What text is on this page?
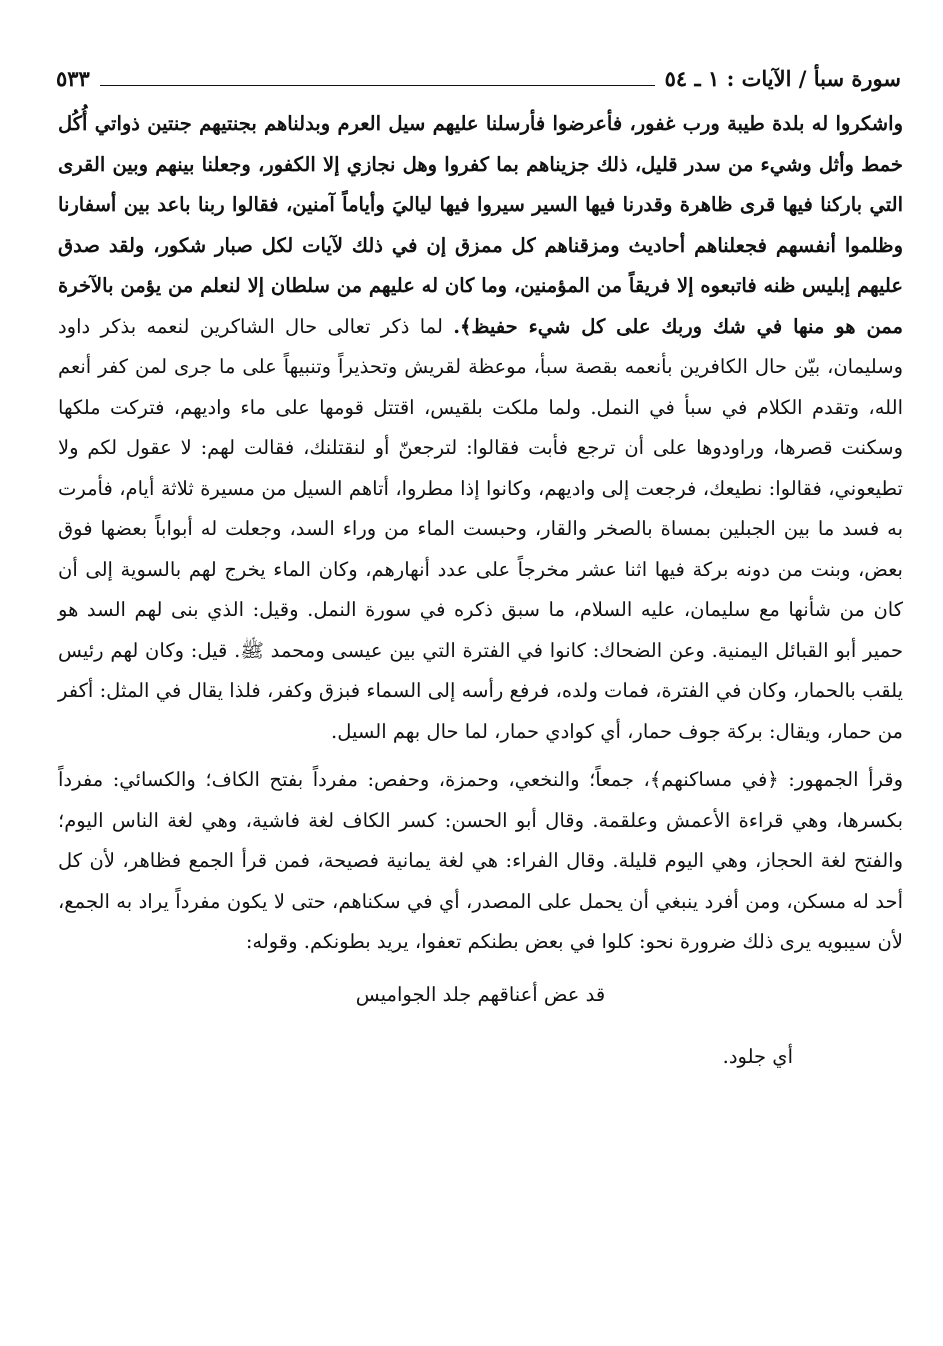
سورة سبأ / الآيات : ١ ـ ٥٤
٥٣٣

واشكروا له بلدة طيبة ورب غفور، فأعرضوا فأرسلنا عليهم سيل العرم وبدلناهم بجنتيهم جنتين ذواتي أُكُل خمط وأثل وشيء من سدر قليل، ذلك جزيناهم بما كفروا وهل نجازي إلا الكفور، وجعلنا بينهم وبين القرى التي باركنا فيها قرى ظاهرة وقدرنا فيها السير سيروا فيها لياليَ وأياماً آمنين، فقالوا ربنا باعد بين أسفارنا وظلموا أنفسهم فجعلناهم أحاديث ومزقناهم كل ممزق إن في ذلك لآيات لكل صبار شكور، ولقد صدق عليهم إبليس ظنه فاتبعوه إلا فريقاً من المؤمنين، وما كان له عليهم من سلطان إلا لنعلم من يؤمن بالآخرة ممن هو منها في شك وربك على كل شيء حفيظ﴾. لما ذكر تعالى حال الشاكرين لنعمه بذكر داود وسليمان، بيّن حال الكافرين بأنعمه بقصة سبأ، موعظة لقريش وتحذيراً وتنبيهاً على ما جرى لمن كفر أنعم الله، وتقدم الكلام في سبأ في النمل. ولما ملكت بلقيس، اقتتل قومها على ماء واديهم، فتركت ملكها وسكنت قصرها، وراودوها على أن ترجع فأبت فقالوا: لترجعنّ أو لنقتلنك، فقالت لهم: لا عقول لكم ولا تطيعوني، فقالوا: نطيعك، فرجعت إلى واديهم، وكانوا إذا مطروا، أتاهم السيل من مسيرة ثلاثة أيام، فأمرت به فسد ما بين الجبلين بمساة بالصخر والقار، وحبست الماء من وراء السد، وجعلت له أبواباً بعضها فوق بعض، وبنت من دونه بركة فيها اثنا عشر مخرجاً على عدد أنهارهم، وكان الماء يخرج لهم بالسوية إلى أن كان من شأنها مع سليمان، عليه السلام، ما سبق ذكره في سورة النمل. وقيل: الذي بنى لهم السد هو حمير أبو القبائل اليمنية. وعن الضحاك: كانوا في الفترة التي بين عيسى ومحمد ﷺ. قيل: وكان لهم رئيس يلقب بالحمار، وكان في الفترة، فمات ولده، فرفع رأسه إلى السماء فبزق وكفر، فلذا يقال في المثل: أكفر من حمار، ويقال: بركة جوف حمار، أي كوادي حمار، لما حال بهم السيل.

وقرأ الجمهور: ﴿في مساكنهم﴾، جمعاً؛ والنخعي، وحمزة، وحفص: مفرداً بفتح الكاف؛ والكسائي: مفرداً بكسرها، وهي قراءة الأعمش وعلقمة. وقال أبو الحسن: كسر الكاف لغة فاشية، وهي لغة الناس اليوم؛ والفتح لغة الحجاز، وهي اليوم قليلة. وقال الفراء: هي لغة يمانية فصيحة، فمن قرأ الجمع فظاهر، لأن كل أحد له مسكن، ومن أفرد ينبغي أن يحمل على المصدر، أي في سكناهم، حتى لا يكون مفرداً يراد به الجمع، لأن سيبويه يرى ذلك ضرورة نحو: كلوا في بعض بطنكم تعفوا، يريد بطونكم. وقوله:

قد عض أعناقهم جلد الجواميس

أي جلود.
